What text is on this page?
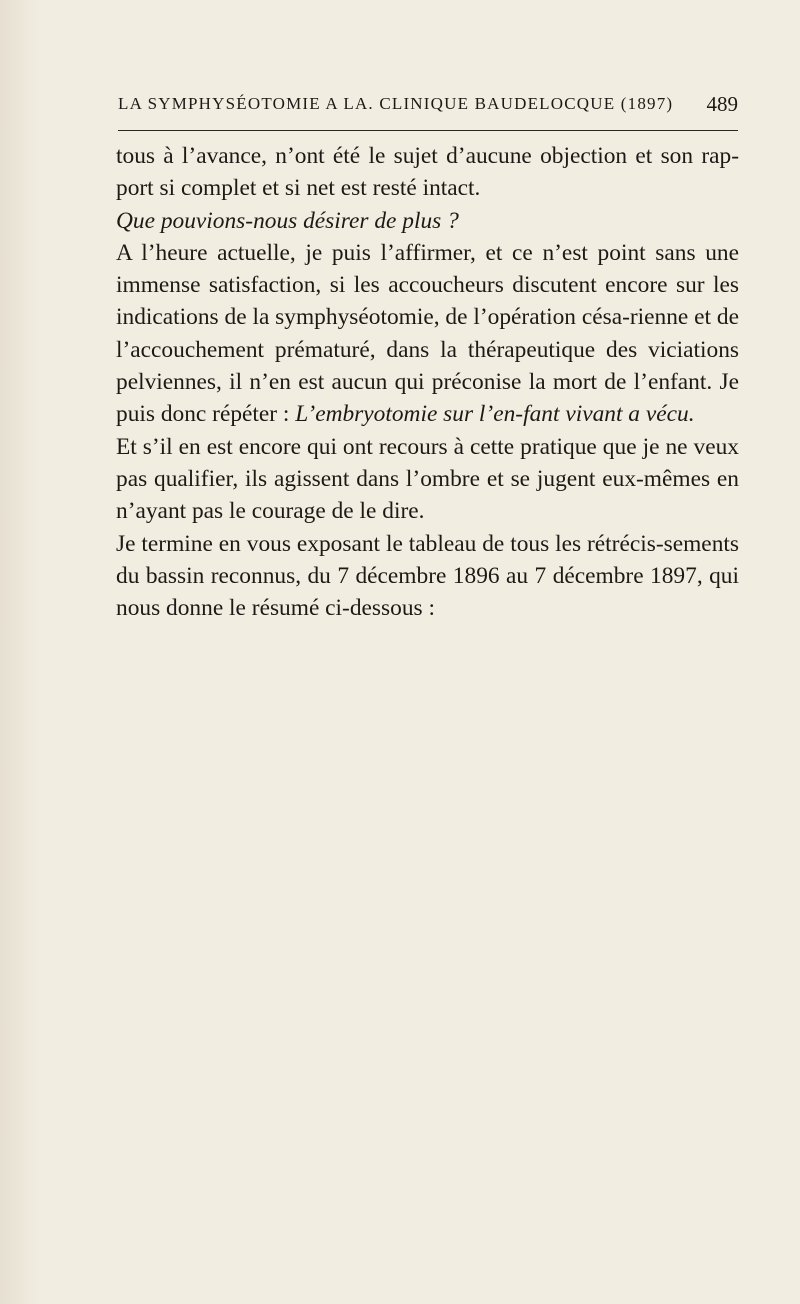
LA SYMPHYSÉOTOMIE A LA. CLINIQUE BAUDELOCQUE (1897) 489

tous à l’avance, n’ont été le sujet d’aucune objection et son rap-port si complet et si net est resté intact.

Que pouvions-nous désirer de plus ?

A l’heure actuelle, je puis l’affirmer, et ce n’est point sans une immense satisfaction, si les accoucheurs discutent encore sur les indications de la symphyséotomie, de l’opération césa-rienne et de l’accouchement prématuré, dans la thérapeutique des viciations pelviennes, il n’en est aucun qui préconise la mort de l’enfant. Je puis donc répéter : L’embryotomie sur l’en-fant vivant a vécu.

Et s’il en est encore qui ont recours à cette pratique que je ne veux pas qualifier, ils agissent dans l’ombre et se jugent eux-mêmes en n’ayant pas le courage de le dire.

Je termine en vous exposant le tableau de tous les rétrécis-sements du bassin reconnus, du 7 décembre 1896 au 7 décembre 1897, qui nous donne le résumé ci-dessous :
